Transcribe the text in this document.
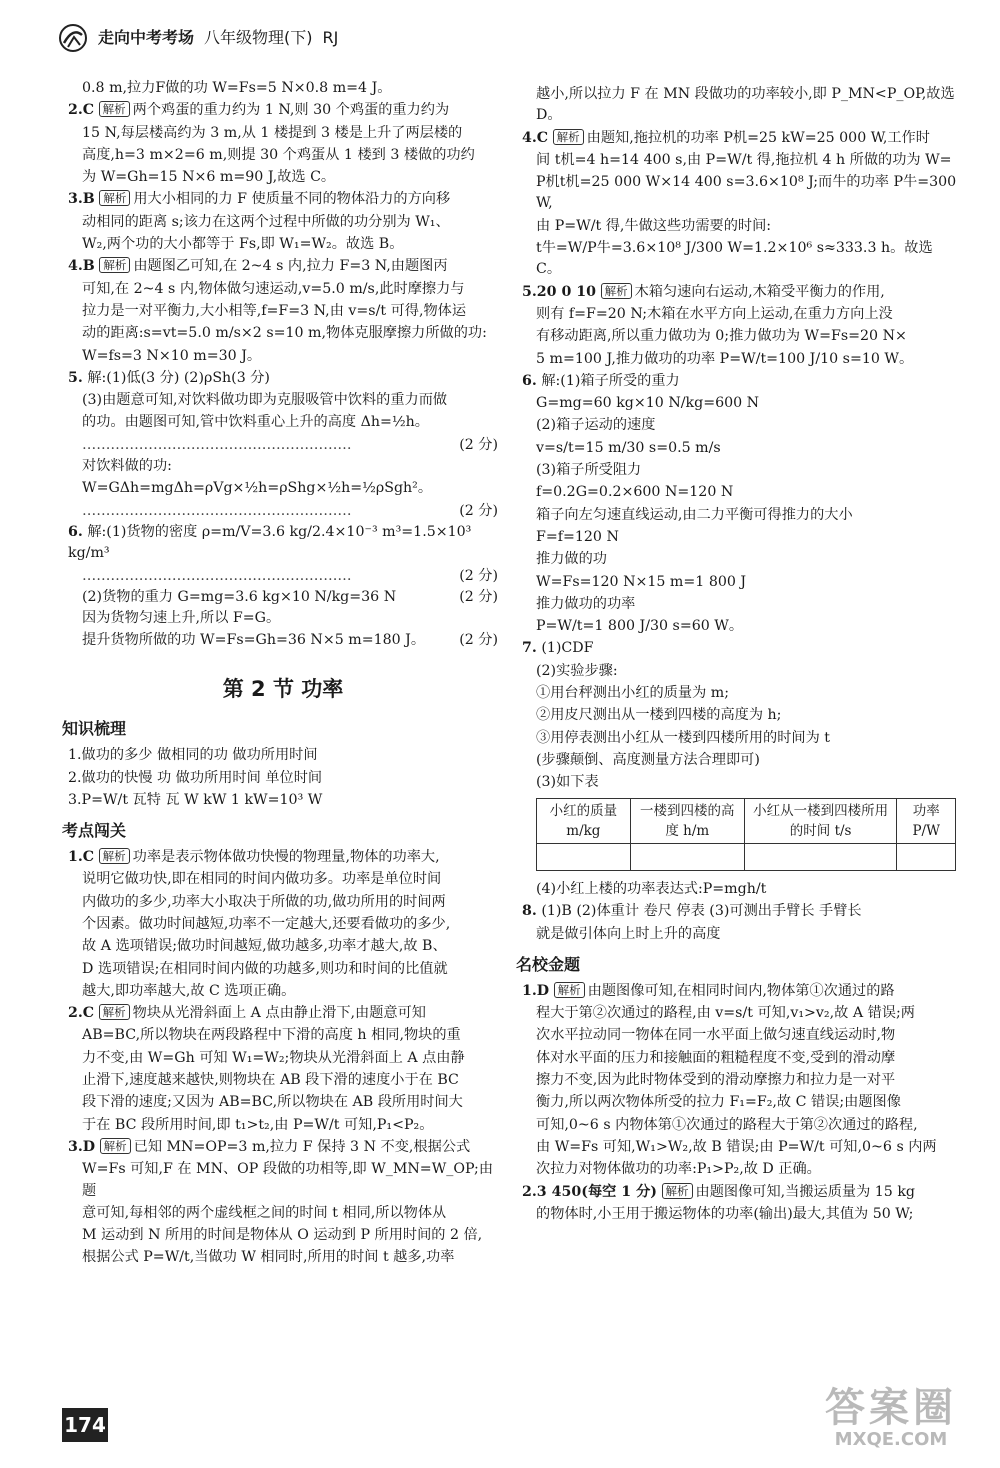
走向中考考场 八年级物理(下) RJ

0.8 m,拉力F做的功 W=Fs=5 N×0.8 m=4 J。

2.C 解析 两个鸡蛋的重力约为 1 N,则 30 个鸡蛋的重力约为

15 N,每层楼高约为 3 m,从 1 楼提到 3 楼是上升了两层楼的

高度,h=3 m×2=6 m,则提 30 个鸡蛋从 1 楼到 3 楼做的功约

为 W=Gh=15 N×6 m=90 J,故选 C。

3.B 解析 用大小相同的力 F 使质量不同的物体沿力的方向移

动相同的距离 s;该力在这两个过程中所做的功分别为 W₁、

W₂,两个功的大小都等于 Fs,即 W₁=W₂。故选 B。

4.B 解析 由题图乙可知,在 2~4 s 内,拉力 F=3 N,由题图丙

可知,在 2~4 s 内,物体做匀速运动,v=5.0 m/s,此时摩擦力与

拉力是一对平衡力,大小相等,f=F=3 N,由 v=s/t 可得,物体运

动的距离:s=vt=5.0 m/s×2 s=10 m,物体克服摩擦力所做的功:

W=fs=3 N×10 m=30 J。

5. 解:(1)低(3 分) (2)ρSh(3 分)

(3)由题意可知,对饮料做功即为克服吸管中饮料的重力而做

的功。由题图可知,管中饮料重心上升的高度 Δh=½h。

…………………………………………………	(2 分)

对饮料做的功:

W=GΔh=mgΔh=ρVg×½h=ρShg×½h=½ρSgh²。

…………………………………………………	(2 分)

6. 解:(1)货物的密度 ρ=m/V=3.6 kg/2.4×10⁻³ m³=1.5×10³ kg/m³

…………………………………………………	(2 分)
(2)货物的重力 G=mg=3.6 kg×10 N/kg=36 N	(2 分)

因为货物匀速上升,所以 F=G。

提升货物所做的功 W=Fs=Gh=36 N×5 m=180 J。 (2 分)
第 2 节 功率
知识梳理

1.做功的多少 做相同的功 做功所用时间

2.做功的快慢 功 做功所用时间 单位时间

3.P=W/t 瓦特 瓦 W kW 1 kW=10³ W

考点闯关

1.C 解析 功率是表示物体做功快慢的物理量,物体的功率大,

说明它做功快,即在相同的时间内做功多。功率是单位时间

内做功的多少,功率大小取决于所做的功,做功所用的时间两

个因素。做功时间越短,功率不一定越大,还要看做功的多少,

故 A 选项错误;做功时间越短,做功越多,功率才越大,故 B、

D 选项错误;在相同时间内做的功越多,则功和时间的比值就

越大,即功率越大,故 C 选项正确。

2.C 解析 物块从光滑斜面上 A 点由静止滑下,由题意可知

AB=BC,所以物块在两段路程中下滑的高度 h 相同,物块的重

力不变,由 W=Gh 可知 W₁=W₂;物块从光滑斜面上 A 点由静

止滑下,速度越来越快,则物块在 AB 段下滑的速度小于在 BC

段下滑的速度;又因为 AB=BC,所以物块在 AB 段所用时间大

于在 BC 段所用时间,即 t₁>t₂,由 P=W/t 可知,P₁<P₂。

3.D 解析 已知 MN=OP=3 m,拉力 F 保持 3 N 不变,根据公式

W=Fs 可知,F 在 MN、OP 段做的功相等,即 W_MN=W_OP;由题

意可知,每相邻的两个虚线框之间的时间 t 相同,所以物体从

M 运动到 N 所用的时间是物体从 O 运动到 P 所用时间的 2 倍,

根据公式 P=W/t,当做功 W 相同时,所用的时间 t 越多,功率

越小,所以拉力 F 在 MN 段做功的功率较小,即 P_MN<P_OP,故选 D。

4.C 解析 由题知,拖拉机的功率 P机=25 kW=25 000 W,工作时

间 t机=4 h=14 400 s,由 P=W/t 得,拖拉机 4 h 所做的功为 W=

P机t机=25 000 W×14 400 s=3.6×10⁸ J;而牛的功率 P牛=300 W,

由 P=W/t 得,牛做这些功需要的时间:

t牛=W/P牛=3.6×10⁸ J/300 W=1.2×10⁶ s≈333.3 h。故选 C。

5.20 0 10 解析 木箱匀速向右运动,木箱受平衡力的作用,

则有 f=F=20 N;木箱在水平方向上运动,在重力方向上没

有移动距离,所以重力做功为 0;推力做功为 W=Fs=20 N×

5 m=100 J,推力做功的功率 P=W/t=100 J/10 s=10 W。

6. 解:(1)箱子所受的重力

G=mg=60 kg×10 N/kg=600 N

(2)箱子运动的速度

v=s/t=15 m/30 s=0.5 m/s

(3)箱子所受阻力

f=0.2G=0.2×600 N=120 N

箱子向左匀速直线运动,由二力平衡可得推力的大小

F=f=120 N

推力做的功

W=Fs=120 N×15 m=1 800 J

推力做功的功率

P=W/t=1 800 J/30 s=60 W。

7. (1)CDF

(2)实验步骤:

①用台秤测出小红的质量为 m;

②用皮尺测出从一楼到四楼的高度为 h;

③用停表测出小红从一楼到四楼所用的时间为 t

(步骤颠倒、高度测量方法合理即可)

(3)如下表

小红的质量 m/kg	一楼到四楼的高度 h/m	小红从一楼到四楼所用的时间 t/s	功率 P/W

(4)小红上楼的功率表达式:P=mgh/t

8. (1)B (2)体重计 卷尺 停表 (3)可测出手臂长 手臂长

就是做引体向上时上升的高度

名校金题

1.D 解析 由题图像可知,在相同时间内,物体第①次通过的路

程大于第②次通过的路程,由 v=s/t 可知,v₁>v₂,故 A 错误;两

次水平拉动同一物体在同一水平面上做匀速直线运动时,物

体对水平面的压力和接触面的粗糙程度不变,受到的滑动摩

擦力不变,因为此时物体受到的滑动摩擦力和拉力是一对平

衡力,所以两次物体所受的拉力 F₁=F₂,故 C 错误;由题图像

可知,0~6 s 内物体第①次通过的路程大于第②次通过的路程,

由 W=Fs 可知,W₁>W₂,故 B 错误;由 P=W/t 可知,0~6 s 内两

次拉力对物体做功的功率:P₁>P₂,故 D 正确。

2.3 450(每空 1 分) 解析 由题图像可知,当搬运质量为 15 kg

的物体时,小王用于搬运物体的功率(输出)最大,其值为 50 W;

174	答案圈
MXQE.COM
